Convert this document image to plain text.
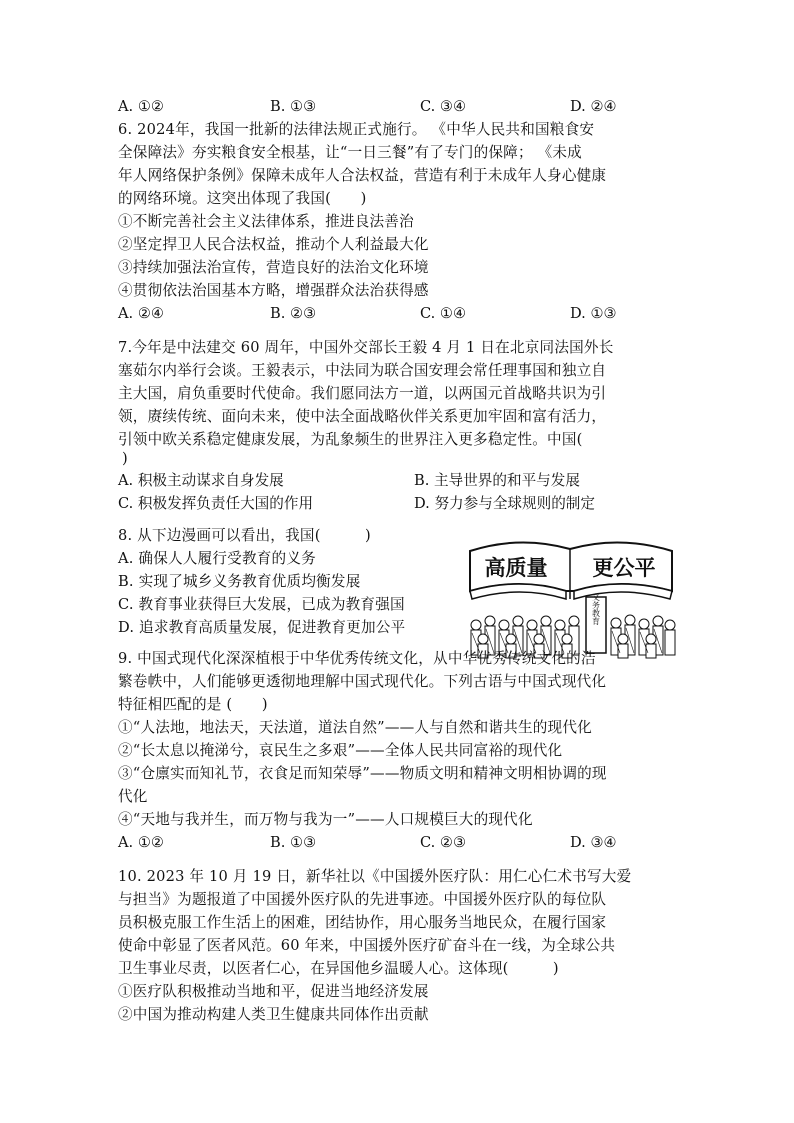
A. ①②	B. ①③	C. ③④	D. ②④
6. 2024年，我国一批新的法律法规正式施行。 《中华人民共和国粮食安
全保障法》夯实粮食安全根基，让“一日三餐”有了专门的保障； 《未成
年人网络保护条例》保障未成年人合法权益，营造有利于未成年人身心健康
的网络环境。这突出体现了我国(　　)
①不断完善社会主义法律体系，推进良法善治
②坚定捍卫人民合法权益，推动个人利益最大化
③持续加强法治宣传，营造良好的法治文化环境
④贯彻依法治国基本方略，增强群众法治获得感
A. ②④	B. ②③	C. ①④	D. ①③
7.今年是中法建交 60 周年，中国外交部长王毅 4 月 1 日在北京同法国外长
塞茹尔内举行会谈。王毅表示，中法同为联合国安理会常任理事国和独立自
主大国，肩负重要时代使命。我们愿同法方一道，以两国元首战略共识为引
领，赓续传统、面向未来，使中法全面战略伙伴关系更加牢固和富有活力，
引领中欧关系稳定健康发展，为乱象频生的世界注入更多稳定性。中国(
)
A. 积极主动谋求自身发展	B. 主导世界的和平与发展
C. 积极发挥负责任大国的作用	D. 努力参与全球规则的制定
8. 从下边漫画可以看出，我国(　　　)
A. 确保人人履行受教育的义务
B. 实现了城乡义务教育优质均衡发展
C. 教育事业获得巨大发展，已成为教育强国
D. 追求教育高质量发展，促进教育更加公平
高质量 更公平
义务教育
9. 中国式现代化深深植根于中华优秀传统文化，从中华优秀传统文化的浩
繁卷帙中，人们能够更透彻地理解中国式现代化。下列古语与中国式现代化
特征相匹配的是 (　　)
①“人法地，地法天，天法道，道法自然”——人与自然和谐共生的现代化
②“长太息以掩涕兮，哀民生之多艰”——全体人民共同富裕的现代化
③“仓廪实而知礼节，衣食足而知荣辱”——物质文明和精神文明相协调的现
代化
④“天地与我并生，而万物与我为一”——人口规模巨大的现代化
A. ①②	B. ①③	C. ②③	D. ③④
10. 2023 年 10 月 19 日，新华社以《中国援外医疗队：用仁心仁术书写大爱
与担当》为题报道了中国援外医疗队的先进事迹。中国援外医疗队的每位队
员积极克服工作生活上的困难，团结协作，用心服务当地民众，在履行国家
使命中彰显了医者风范。60 年来，中国援外医疗矿奋斗在一线，为全球公共
卫生事业尽责，以医者仁心，在异国他乡温暖人心。这体现(　　　)
①医疗队积极推动当地和平，促进当地经济发展
②中国为推动构建人类卫生健康共同体作出贡献
